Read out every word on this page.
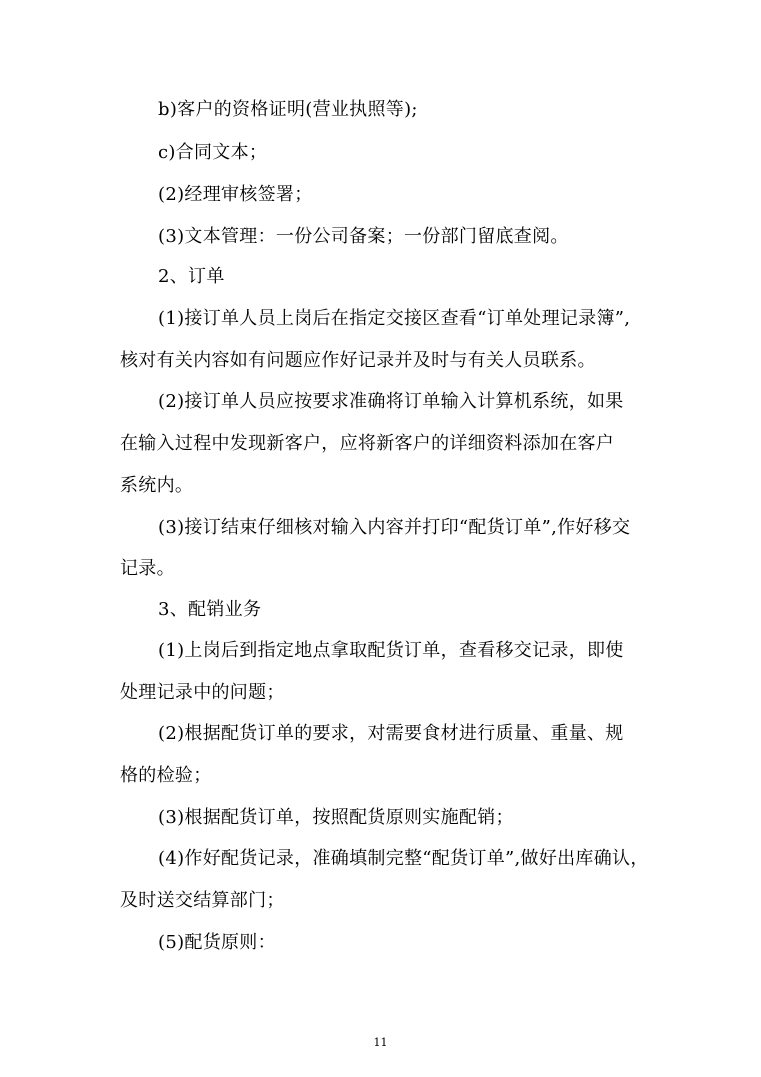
b)客户的资格证明(营业执照等);
c)合同文本；
(2)经理审核签署；
(3)文本管理：一份公司备案；一份部门留底查阅。
2、订单
(1)接订单人员上岗后在指定交接区查看“订单处理记录簿”,
核对有关内容如有问题应作好记录并及时与有关人员联系。
(2)接订单人员应按要求准确将订单输入计算机系统，如果
在输入过程中发现新客户，应将新客户的详细资料添加在客户
系统内。
(3)接订结束仔细核对输入内容并打印“配货订单”,作好移交
记录。
3、配销业务
(1)上岗后到指定地点拿取配货订单，查看移交记录，即使
处理记录中的问题；
(2)根据配货订单的要求，对需要食材进行质量、重量、规
格的检验；
(3)根据配货订单，按照配货原则实施配销；
(4)作好配货记录，准确填制完整“配货订单”,做好出库确认，
及时送交结算部门；
(5)配货原则：
11
